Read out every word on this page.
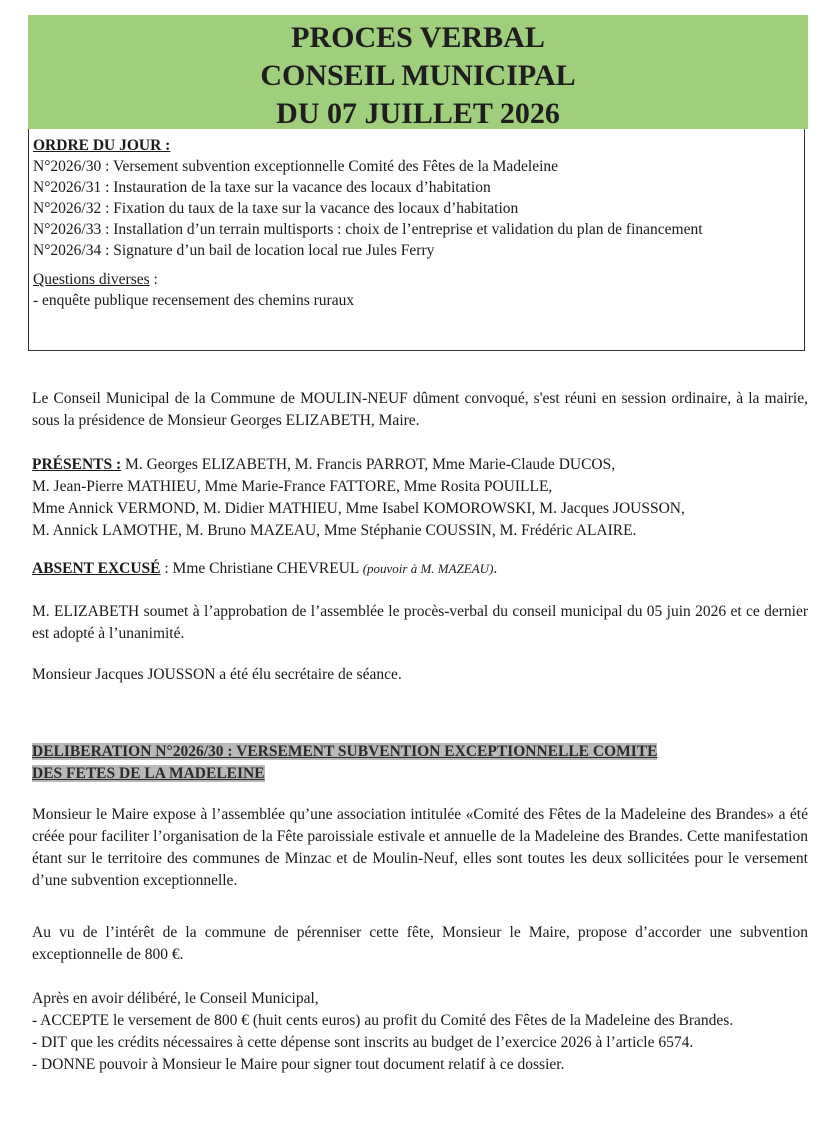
PROCES VERBAL
CONSEIL MUNICIPAL
DU 07 JUILLET 2026
ORDRE DU JOUR :
N°2026/30 : Versement subvention exceptionnelle Comité des Fêtes de la Madeleine
N°2026/31 : Instauration de la taxe sur la vacance des locaux d’habitation
N°2026/32 : Fixation du taux de la taxe sur la vacance des locaux d’habitation
N°2026/33 : Installation d’un terrain multisports : choix de l’entreprise et validation du plan de financement
N°2026/34 : Signature d’un bail de location local rue Jules Ferry
Questions diverses :
- enquête publique recensement des chemins ruraux
Le Conseil Municipal de la Commune de MOULIN-NEUF dûment convoqué, s'est réuni en session ordinaire, à la mairie, sous la présidence de Monsieur Georges ELIZABETH, Maire.
PRÉSENTS : M. Georges ELIZABETH, M. Francis PARROT, Mme Marie-Claude DUCOS,
M. Jean-Pierre MATHIEU, Mme Marie-France FATTORE, Mme Rosita POUILLE,
Mme Annick VERMOND, M. Didier MATHIEU, Mme Isabel KOMOROWSKI, M. Jacques JOUSSON,
M. Annick LAMOTHE, M. Bruno MAZEAU, Mme Stéphanie COUSSIN, M. Frédéric ALAIRE.
ABSENT EXCUSÉ : Mme Christiane CHEVREUL (pouvoir à M. MAZEAU).
M. ELIZABETH soumet à l’approbation de l’assemblée le procès-verbal du conseil municipal du 05 juin 2026 et ce dernier est adopté à l’unanimité.
Monsieur Jacques JOUSSON a été élu secrétaire de séance.
DELIBERATION N°2026/30 : VERSEMENT SUBVENTION EXCEPTIONNELLE COMITE
DES FETES DE LA MADELEINE
Monsieur le Maire expose à l’assemblée qu’une association intitulée «Comité des Fêtes de la Madeleine des Brandes» a été créée pour faciliter l’organisation de la Fête paroissiale estivale et annuelle de la Madeleine des Brandes. Cette manifestation étant sur le territoire des communes de Minzac et de Moulin-Neuf, elles sont toutes les deux sollicitées pour le versement d’une subvention exceptionnelle.
Au vu de l’intérêt de la commune de pérenniser cette fête, Monsieur le Maire, propose d’accorder une subvention exceptionnelle de 800 €.
Après en avoir délibéré, le Conseil Municipal,
- ACCEPTE le versement de 800 € (huit cents euros) au profit du Comité des Fêtes de la Madeleine des Brandes.
- DIT que les crédits nécessaires à cette dépense sont inscrits au budget de l’exercice 2026 à l’article 6574.
- DONNE pouvoir à Monsieur le Maire pour signer tout document relatif à ce dossier.
